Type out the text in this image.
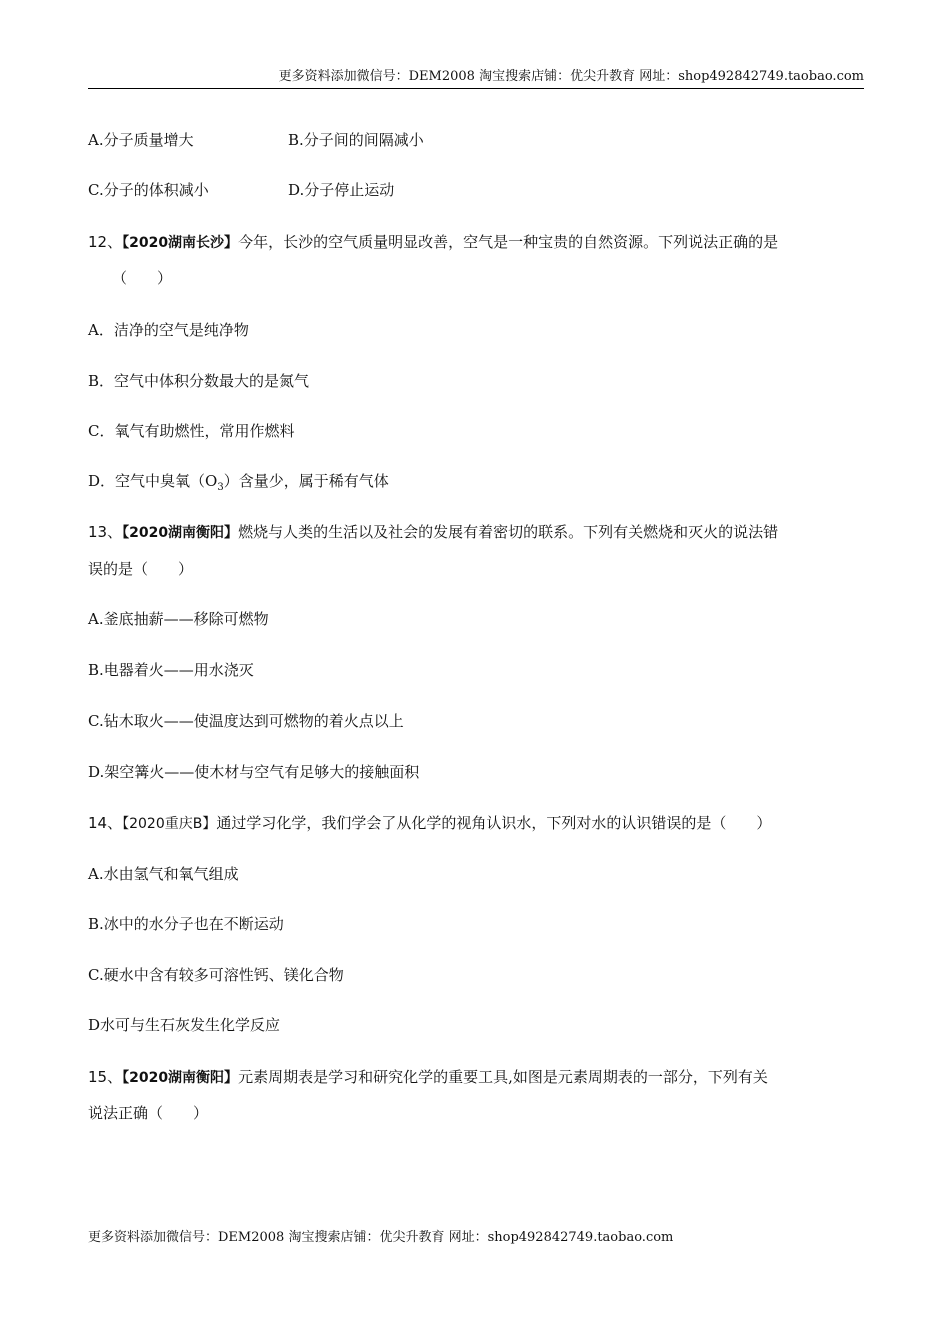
更多资料添加微信号：DEM2008 淘宝搜索店铺：优尖升教育 网址：shop492842749.taobao.com
A.分子质量增大	B.分子间的间隔减小
C.分子的体积减小	D.分子停止运动
12、【2020湖南长沙】今年，长沙的空气质量明显改善，空气是一种宝贵的自然资源。下列说法正确的是
（　　）
A．洁净的空气是纯净物
B．空气中体积分数最大的是氮气
C．氧气有助燃性，常用作燃料
D．空气中臭氧$(O_3)$含量少，属于稀有气体
13、【2020湖南衡阳】燃烧与人类的生活以及社会的发展有着密切的联系。下列有关燃烧和灭火的说法错
误的是（　　）
A.釜底抽薪——移除可燃物
B.电器着火——用水浇灭
C.钻木取火——使温度达到可燃物的着火点以上
D.架空篝火——使木材与空气有足够大的接触面积
14、【2020重庆B】通过学习化学，我们学会了从化学的视角认识水，下列对水的认识错误的是（　　）
A.水由氢气和氧气组成
B.冰中的水分子也在不断运动
C.硬水中含有较多可溶性钙、镁化合物
D水可与生石灰发生化学反应
15、【2020湖南衡阳】元素周期表是学习和研究化学的重要工具,如图是元素周期表的一部分，下列有关
说法正确（　　）
更多资料添加微信号：DEM2008 淘宝搜索店铺：优尖升教育 网址：shop492842749.taobao.com
